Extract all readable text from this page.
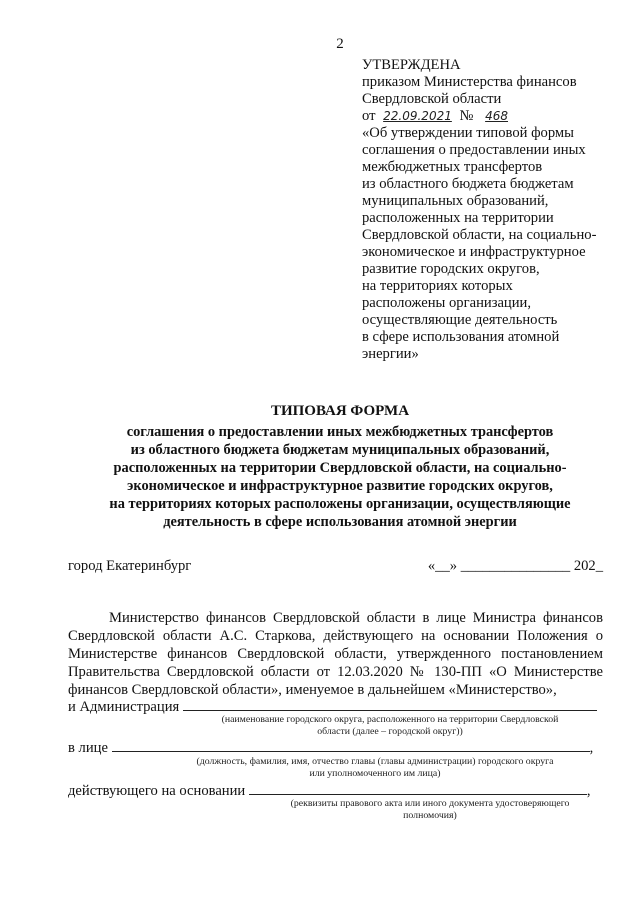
2
УТВЕРЖДЕНА
приказом Министерства финансов
Свердловской области
от 22.09.2021 № 468
«Об утверждении типовой формы
соглашения о предоставлении иных
межбюджетных трансфертов
из областного бюджета бюджетам
муниципальных образований,
расположенных на территории
Свердловской области, на социально-
экономическое и инфраструктурное
развитие городских округов,
на территориях которых
расположены организации,
осуществляющие деятельность
в сфере использования атомной
энергии»
ТИПОВАЯ ФОРМА
соглашения о предоставлении иных межбюджетных трансфертов
из областного бюджета бюджетам муниципальных образований,
расположенных на территории Свердловской области, на социально-
экономическое и инфраструктурное развитие городских округов,
на территориях которых расположены организации, осуществляющие
деятельность в сфере использования атомной энергии
город Екатеринбург	«__» _______________ 202_

Министерство финансов Свердловской области в лице Министра финансов Свердловской области А.С. Старкова, действующего на основании Положения о Министерстве финансов Свердловской области, утвержденного постановлением Правительства Свердловской области от 12.03.2020 № 130-ПП «О Министерстве финансов Свердловской области», именуемое в дальнейшем «Министерство»,

и Администрация
(наименование городского округа, расположенного на территории Свердловской
области (далее – городской округ))
в лице	,
(должность, фамилия, имя, отчество главы (главы администрации) городского округа
или уполномоченного им лица)
действующего на основании	,
(реквизиты правового акта или иного документа удостоверяющего
полномочия)
